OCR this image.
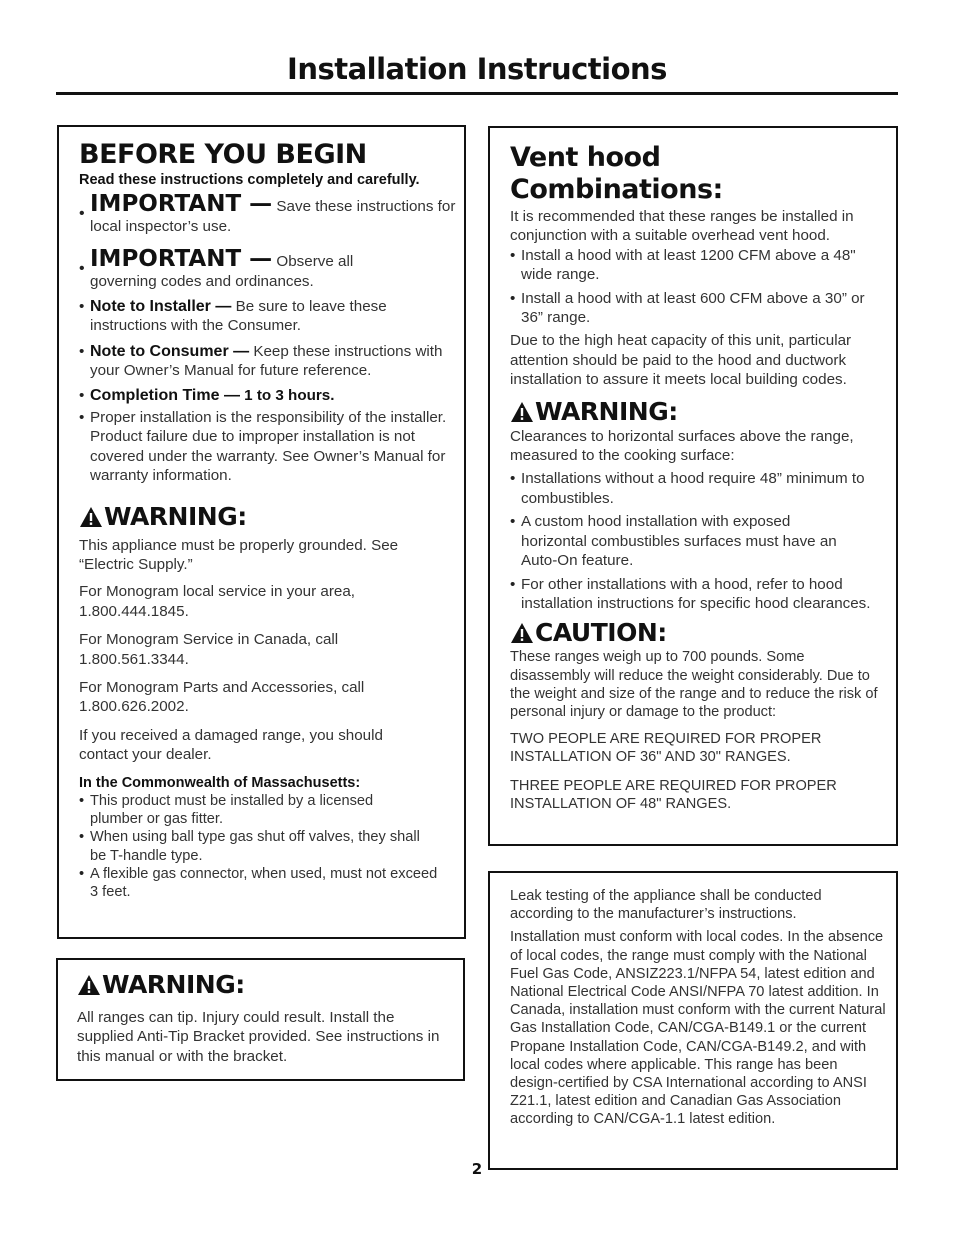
Installation Instructions
BEFORE YOU BEGIN
Read these instructions completely and carefully.
• IMPORTANT — Save these instructions for local inspector’s use.
• IMPORTANT — Observe all governing codes and ordinances.
• Note to Installer — Be sure to leave these instructions with the Consumer.
• Note to Consumer — Keep these instructions with your Owner’s Manual for future reference.
• Completion Time — 1 to 3 hours.
• Proper installation is the responsibility of the installer. Product failure due to improper installation is not covered under the warranty. See Owner’s Manual for warranty information.
WARNING:
This appliance must be properly grounded. See “Electric Supply.”
For Monogram local service in your area, 1.800.444.1845.
For Monogram Service in Canada, call 1.800.561.3344.
For Monogram Parts and Accessories, call 1.800.626.2002.
If you received a damaged range, you should contact your dealer.
In the Commonwealth of Massachusetts:
• This product must be installed by a licensed plumber or gas fitter.
• When using ball type gas shut off valves, they shall be T-handle type.
• A flexible gas connector, when used, must not exceed 3 feet.
WARNING:
All ranges can tip. Injury could result. Install the supplied Anti-Tip Bracket provided. See instructions in this manual or with the bracket.
Vent hood Combinations:
It is recommended that these ranges be installed in conjunction with a suitable overhead vent hood.
• Install a hood with at least 1200 CFM above a 48" wide range.
• Install a hood with at least 600 CFM above a 30” or 36” range.
Due to the high heat capacity of this unit, particular attention should be paid to the hood and ductwork installation to assure it meets local building codes.
WARNING:
Clearances to horizontal surfaces above the range, measured to the cooking surface:
• Installations without a hood require 48” minimum to combustibles.
• A custom hood installation with exposed horizontal combustibles surfaces must have an Auto-On feature.
• For other installations with a hood, refer to hood installation instructions for specific hood clearances.
CAUTION:
These ranges weigh up to 700 pounds. Some disassembly will reduce the weight considerably. Due to the weight and size of the range and to reduce the risk of personal injury or damage to the product:
TWO PEOPLE ARE REQUIRED FOR PROPER INSTALLATION OF 36" AND 30" RANGES.
THREE PEOPLE ARE REQUIRED FOR PROPER INSTALLATION OF 48" RANGES.
Leak testing of the appliance shall be conducted according to the manufacturer’s instructions.
Installation must conform with local codes. In the absence of local codes, the range must comply with the National Fuel Gas Code, ANSIZ223.1/NFPA 54, latest edition and National Electrical Code ANSI/NFPA 70 latest addition. In Canada, installation must conform with the current Natural Gas Installation Code, CAN/CGA-B149.1 or the current Propane Installation Code, CAN/CGA-B149.2, and with local codes where applicable. This range has been design-certified by CSA International according to ANSI Z21.1, latest edition and Canadian Gas Association according to CAN/CGA-1.1 latest edition.
2
